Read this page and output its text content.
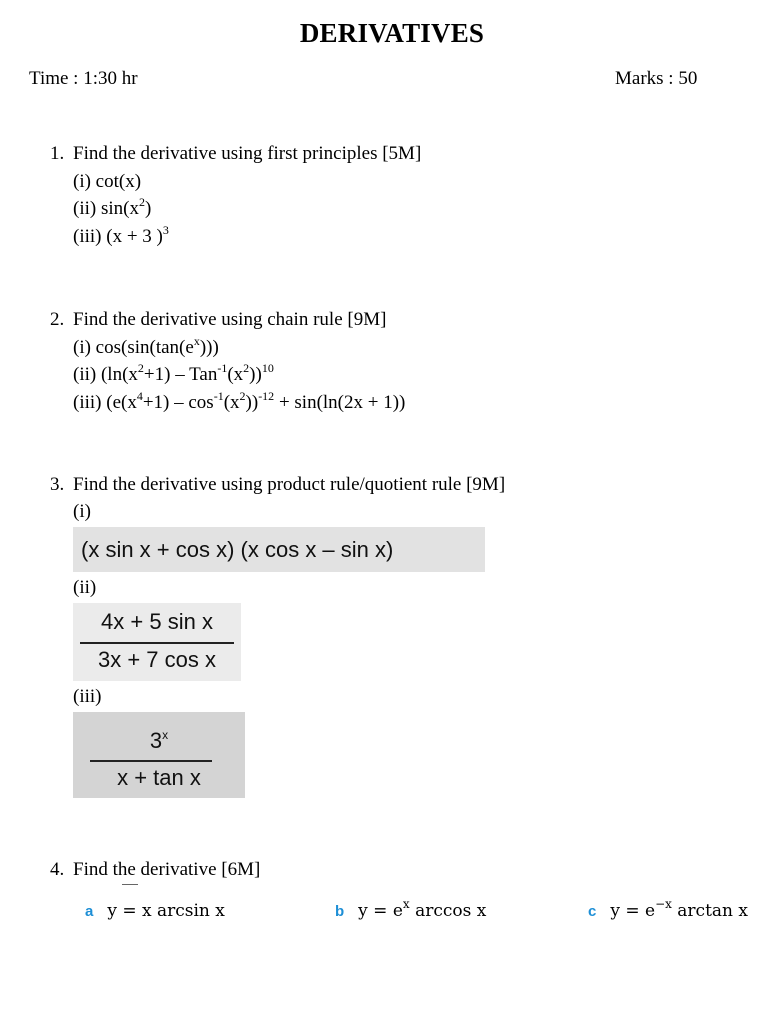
DERIVATIVES
Time : 1:30 hr	Marks : 50
1. Find the derivative using first principles [5M]
(i) cot(x)
(ii) $\sin(x^2)$
(iii) (x + 3 )$^3$
2. Find the derivative using chain rule [9M]
(i) $\cos(\sin(\tan(e^x)))$
(ii) $(\ln(x^2+1) - Tan^{-1}(x^2))^{10}$
(iii) $(e(x^4+1) - \cos^{-1}(x^2))^{-12} + \sin(\ln(2x + 1))$
3. Find the derivative using product rule/quotient rule [9M]
(i)
(x sin x + cos x) (x cos x – sin x)
(ii)
4x + 5 sin x
3x + 7 cos x
(iii)
3$^x$
x + tan x
4. Find the derivative [6M]
a y = x arcsin x	b $y = e^x$ arccos x	c $y = e^{-x}$ arctan x
